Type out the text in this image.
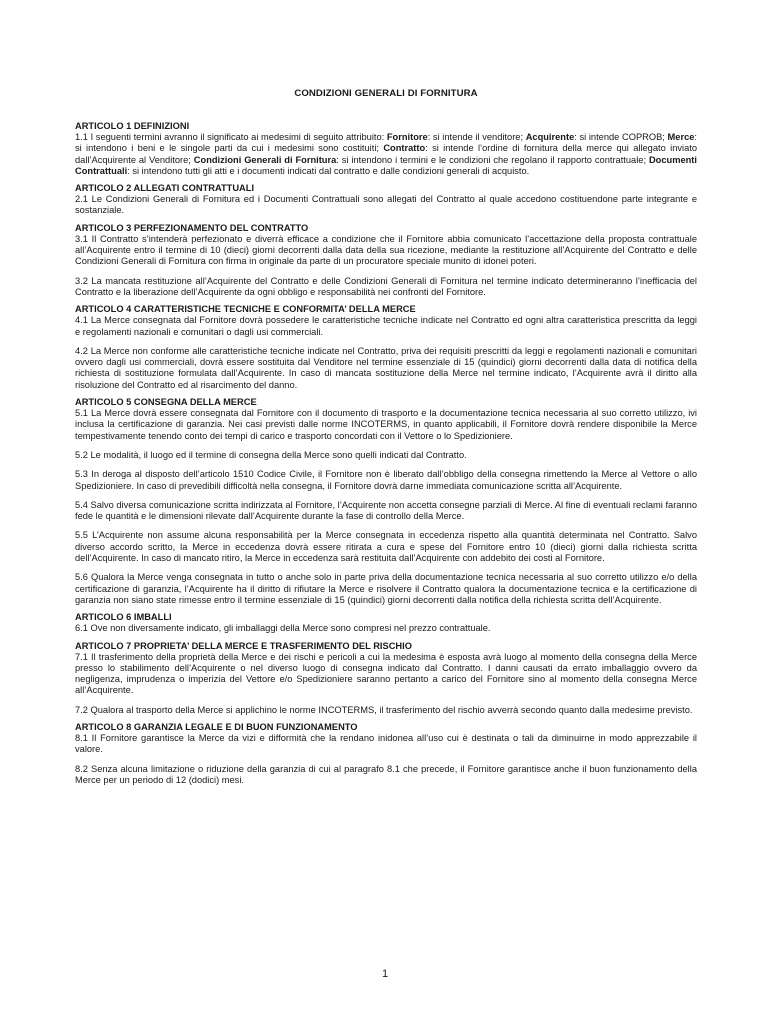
CONDIZIONI GENERALI DI FORNITURA
ARTICOLO 1 DEFINIZIONI

1.1 I seguenti termini avranno il significato ai medesimi di seguito attribuito: Fornitore: si intende il venditore; Acquirente: si intende COPROB; Merce: si intendono i beni e le singole parti da cui i medesimi sono costituiti; Contratto: si intende l’ordine di fornitura della merce qui allegato inviato dall’Acquirente al Venditore; Condizioni Generali di Fornitura: si intendono i termini e le condizioni che regolano il rapporto contrattuale; Documenti Contrattuali: si intendono tutti gli atti e i documenti indicati dal contratto e dalle condizioni generali di acquisto.

ARTICOLO 2 ALLEGATI CONTRATTUALI

2.1 Le Condizioni Generali di Fornitura ed i Documenti Contrattuali sono allegati del Contratto al quale accedono costituendone parte integrante e sostanziale.

ARTICOLO 3 PERFEZIONAMENTO DEL CONTRATTO

3.1 Il Contratto s’intenderà perfezionato e diverrà efficace a condizione che il Fornitore abbia comunicato l’accettazione della proposta contrattuale all’Acquirente entro il termine di 10 (dieci) giorni decorrenti dalla data della sua ricezione, mediante la restituzione all’Acquirente del Contratto e delle Condizioni Generali di Fornitura con firma in originale da parte di un procuratore speciale munito di idonei poteri.

3.2 La mancata restituzione all’Acquirente del Contratto e delle Condizioni Generali di Fornitura nel termine indicato determineranno l’inefficacia del Contratto e la liberazione dell’Acquirente da ogni obbligo e responsabilità nei confronti del Fornitore.

ARTICOLO 4 CARATTERISTICHE TECNICHE E CONFORMITA’ DELLA MERCE

4.1 La Merce consegnata dal Fornitore dovrà possedere le caratteristiche tecniche indicate nel Contratto ed ogni altra caratteristica prescritta da leggi e regolamenti nazionali e comunitari o dagli usi commerciali.

4.2 La Merce non conforme alle caratteristiche tecniche indicate nel Contratto, priva dei requisiti prescritti da leggi e regolamenti nazionali e comunitari ovvero dagli usi commerciali, dovrà essere sostituita dal Venditore nel termine essenziale di 15 (quindici) giorni decorrenti dalla data di notifica della richiesta di sostituzione formulata dall’Acquirente. In caso di mancata sostituzione della Merce nel termine indicato, l’Acquirente avrà il diritto alla risoluzione del Contratto ed al risarcimento del danno.

ARTICOLO 5 CONSEGNA DELLA MERCE

5.1 La Merce dovrà essere consegnata dal Fornitore con il documento di trasporto e la documentazione tecnica necessaria al suo corretto utilizzo, ivi inclusa la certificazione di garanzia. Nei casi previsti dalle norme INCOTERMS, in quanto applicabili, il Fornitore dovrà rendere disponibile la Merce tempestivamente tenendo conto dei tempi di carico e trasporto concordati con il Vettore o lo Spedizioniere.

5.2 Le modalità, il luogo ed il termine di consegna della Merce sono quelli indicati dal Contratto.

5.3 In deroga al disposto dell’articolo 1510 Codice Civile, il Fornitore non è liberato dall’obbligo della consegna rimettendo la Merce al Vettore o allo Spedizioniere. In caso di prevedibili difficoltà nella consegna, il Fornitore dovrà darne immediata comunicazione scritta all’Acquirente.

5.4 Salvo diversa comunicazione scritta indirizzata al Fornitore, l’Acquirente non accetta consegne parziali di Merce. Al fine di eventuali reclami faranno fede le quantità e le dimensioni rilevate dall’Acquirente durante la fase di controllo della Merce.

5.5 L’Acquirente non assume alcuna responsabilità per la Merce consegnata in eccedenza rispetto alla quantità determinata nel Contratto. Salvo diverso accordo scritto, la Merce in eccedenza dovrà essere ritirata a cura e spese del Fornitore entro 10 (dieci) giorni dalla richiesta scritta dell’Acquirente. In caso di mancato ritiro, la Merce in eccedenza sarà restituita dall’Acquirente con addebito dei costi al Fornitore.

5.6 Qualora la Merce venga consegnata in tutto o anche solo in parte priva della documentazione tecnica necessaria al suo corretto utilizzo e/o della certificazione di garanzia, l’Acquirente ha il diritto di rifiutare la Merce e risolvere il Contratto qualora la documentazione tecnica e la certificazione di garanzia non siano state rimesse entro il termine essenziale di 15 (quindici) giorni decorrenti dalla notifica della richiesta scritta dell’Acquirente.

ARTICOLO 6 IMBALLI

6.1 Ove non diversamente indicato, gli imballaggi della Merce sono compresi nel prezzo contrattuale.

ARTICOLO 7 PROPRIETA’ DELLA MERCE E TRASFERIMENTO DEL RISCHIO

7.1 Il trasferimento della proprietà della Merce e dei rischi e pericoli a cui la medesima è esposta avrà luogo al momento della consegna della Merce presso lo stabilimento dell’Acquirente o nel diverso luogo di consegna indicato dal Contratto. I danni causati da errato imballaggio ovvero da negligenza, imprudenza o imperizia del Vettore e/o Spedizioniere saranno pertanto a carico del Fornitore sino al momento della consegna Merce all’Acquirente.

7.2 Qualora al trasporto della Merce si applichino le norme INCOTERMS, il trasferimento del rischio avverrà secondo quanto dalla medesime previsto.

ARTICOLO 8 GARANZIA LEGALE E DI BUON FUNZIONAMENTO

8.1 Il Fornitore garantisce la Merce da vizi e difformità che la rendano inidonea all’uso cui è destinata o tali da diminuirne in modo apprezzabile il valore.

8.2 Senza alcuna limitazione o riduzione della garanzia di cui al paragrafo 8.1 che precede, il Fornitore garantisce anche il buon funzionamento della Merce per un periodo di 12 (dodici) mesi.

1
